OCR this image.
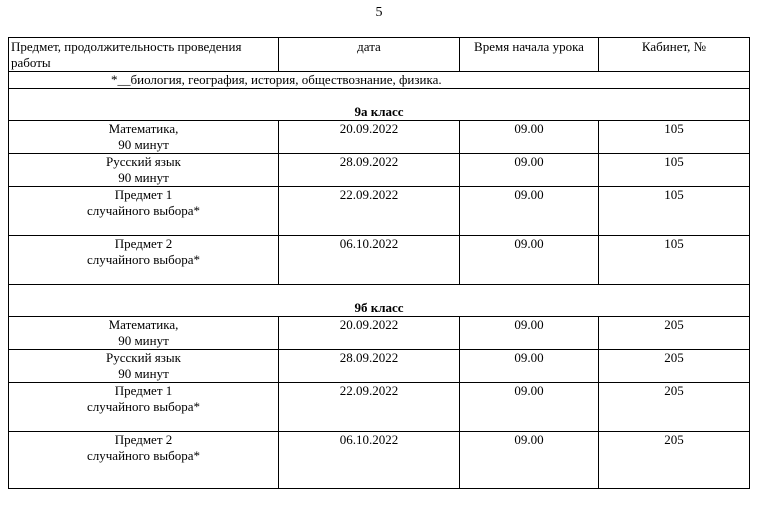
5
Предмет, продолжительность проведения работы	дата	Время начала урока	Кабинет, №
*__биология, география, история, обществознание, физика.			
9а класс			

Математика,
90 минут	20.09.2022	09.00	105

Русский язык
90 минут	28.09.2022	09.00	105

Предмет 1
случайного выбора*	22.09.2022	09.00	105

Предмет 2
случайного выбора*	06.10.2022	09.00	105
9б класс			

Математика,
90 минут	20.09.2022	09.00	205

Русский язык
90 минут	28.09.2022	09.00	205

Предмет 1
случайного выбора*	22.09.2022	09.00	205

Предмет 2
случайного выбора*	06.10.2022	09.00	205
